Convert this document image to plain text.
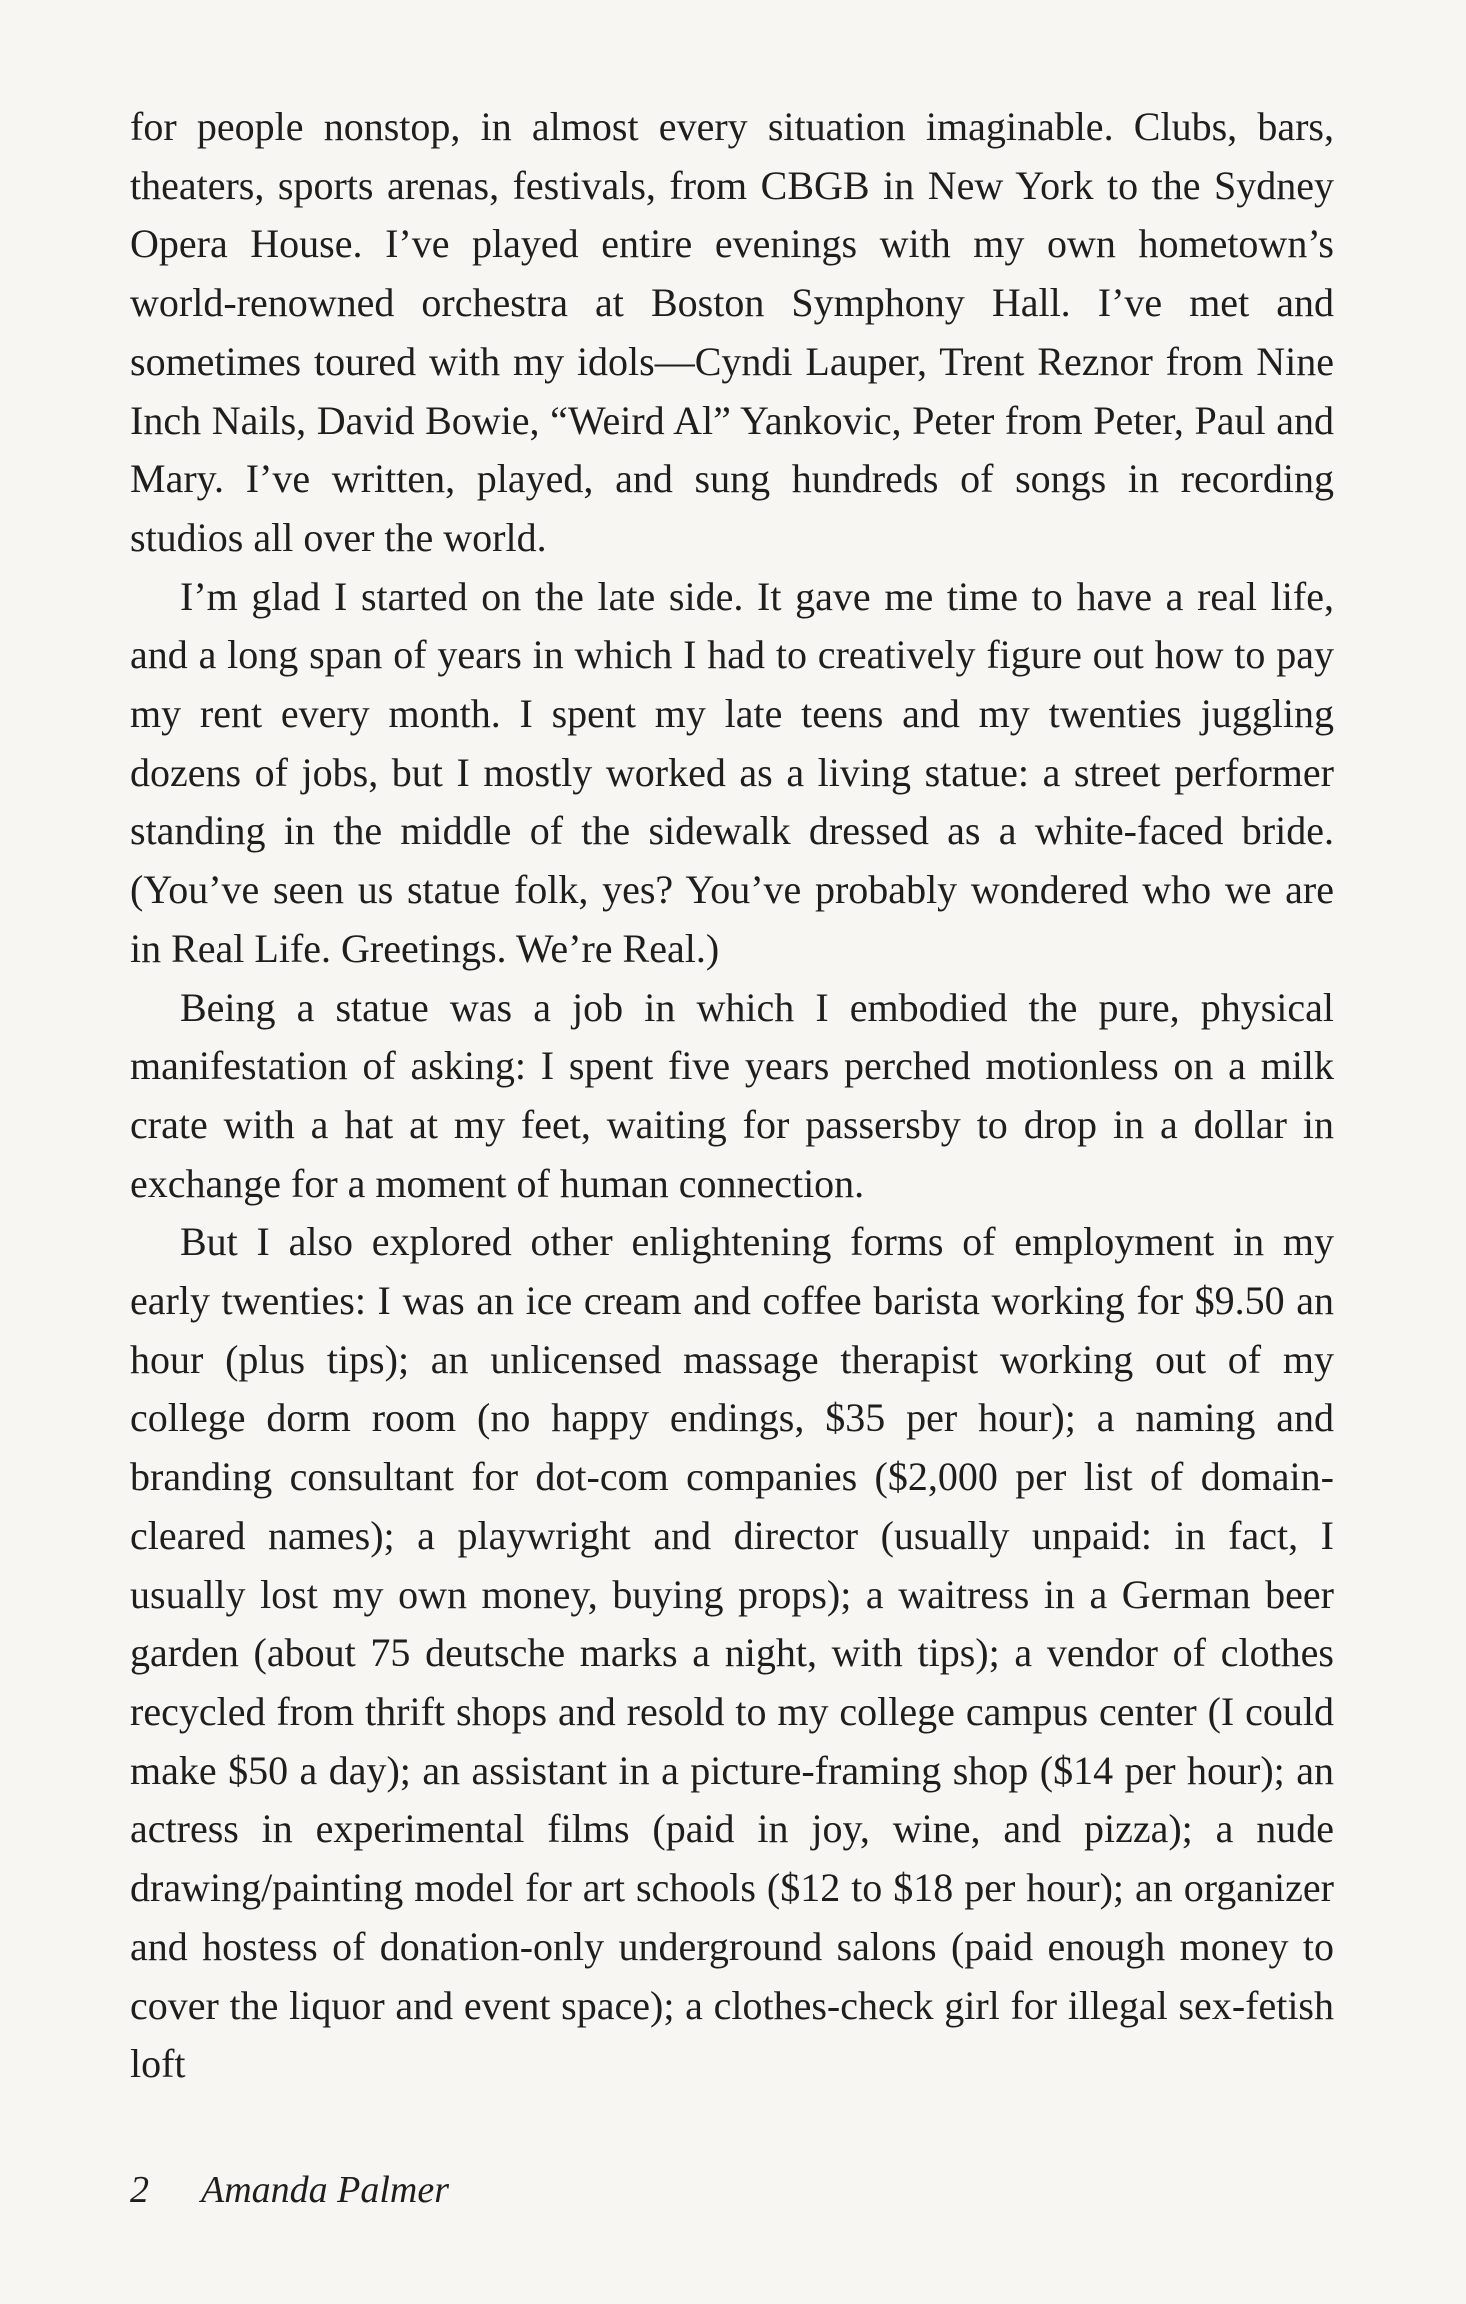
for people nonstop, in almost every situation imaginable. Clubs, bars, theaters, sports arenas, festivals, from CBGB in New York to the Sydney Opera House. I’ve played entire evenings with my own hometown’s world-renowned orchestra at Boston Symphony Hall. I’ve met and sometimes toured with my idols—Cyndi Lauper, Trent Reznor from Nine Inch Nails, David Bowie, “Weird Al” Yankovic, Peter from Peter, Paul and Mary. I’ve written, played, and sung hundreds of songs in recording studios all over the world.

I’m glad I started on the late side. It gave me time to have a real life, and a long span of years in which I had to creatively figure out how to pay my rent every month. I spent my late teens and my twenties juggling dozens of jobs, but I mostly worked as a living statue: a street performer standing in the middle of the sidewalk dressed as a white-faced bride. (You’ve seen us statue folk, yes? You’ve probably wondered who we are in Real Life. Greetings. We’re Real.)

Being a statue was a job in which I embodied the pure, physical manifestation of asking: I spent five years perched motionless on a milk crate with a hat at my feet, waiting for passersby to drop in a dollar in exchange for a moment of human connection.

But I also explored other enlightening forms of employment in my early twenties: I was an ice cream and coffee barista working for $9.50 an hour (plus tips); an unlicensed massage therapist working out of my college dorm room (no happy endings, $35 per hour); a naming and branding consultant for dot-com companies ($2,000 per list of domain-cleared names); a playwright and director (usually unpaid: in fact, I usually lost my own money, buying props); a waitress in a German beer garden (about 75 deutsche marks a night, with tips); a vendor of clothes recycled from thrift shops and resold to my college campus center (I could make $50 a day); an assistant in a picture-framing shop ($14 per hour); an actress in experimental films (paid in joy, wine, and pizza); a nude drawing/painting model for art schools ($12 to $18 per hour); an organizer and hostess of donation-only underground salons (paid enough money to cover the liquor and event space); a clothes-check girl for illegal sex-fetish loft

2 Amanda Palmer
